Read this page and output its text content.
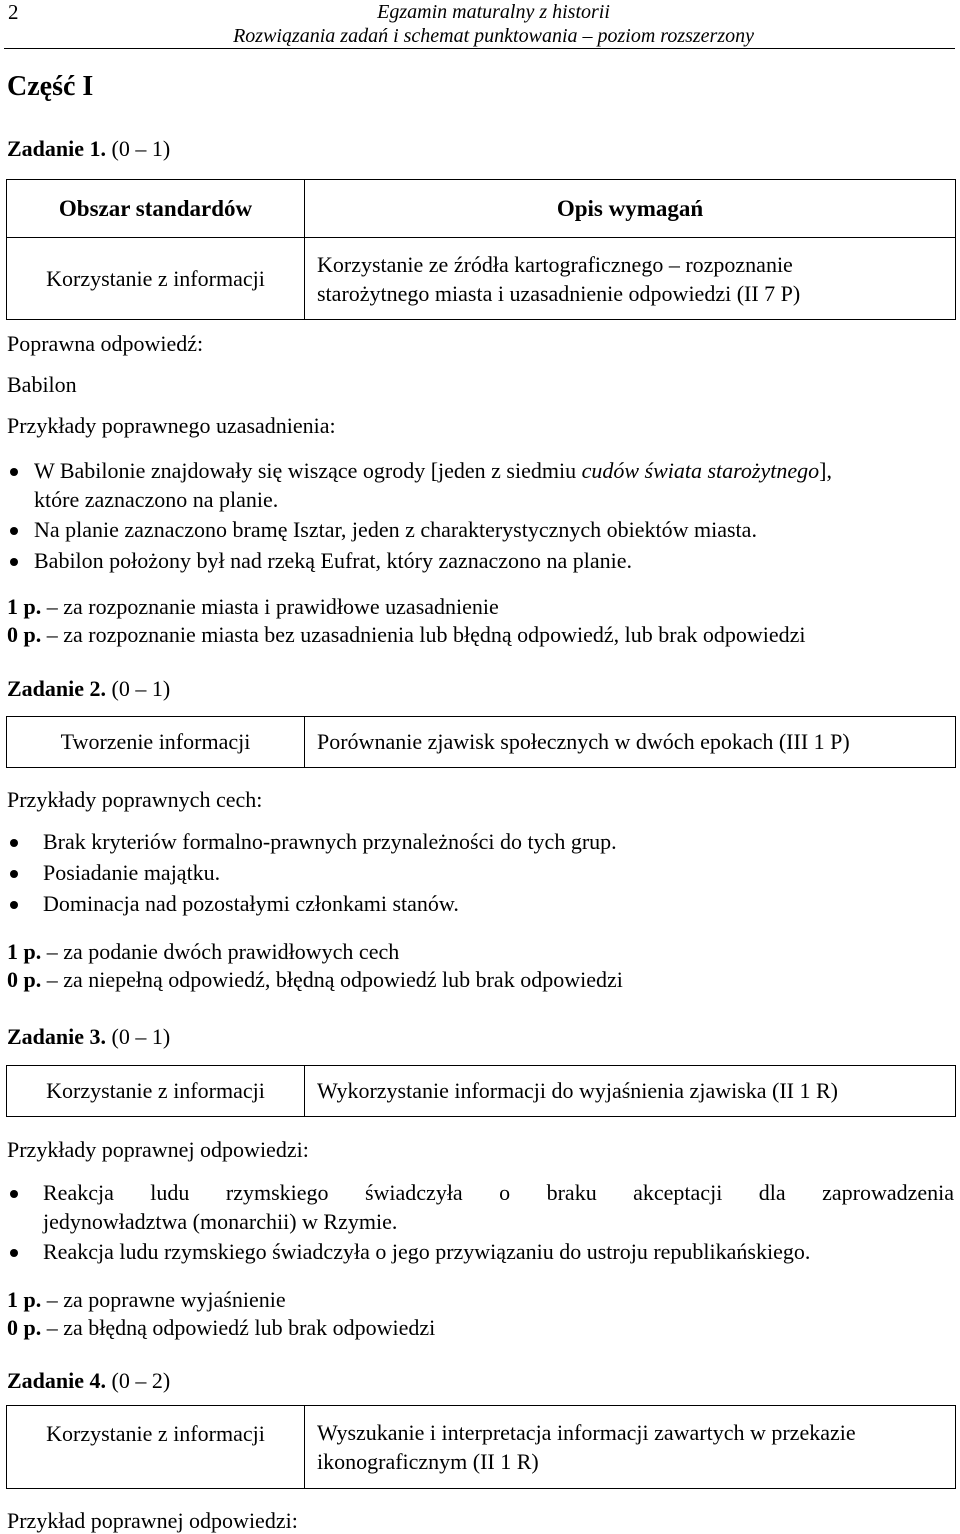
2	Egzamin maturalny z historii
Rozwiązania zadań i schemat punktowania – poziom rozszerzony
Część I
Zadanie 1. (0 – 1)
Obszar standardów	Opis wymagań
Korzystanie z informacji	Korzystanie ze źródła kartograficznego – rozpoznanie
starożytnego miasta i uzasadnienie odpowiedzi (II 7 P)
Poprawna odpowiedź:
Babilon
Przykłady poprawnego uzasadnienia:
W Babilonie znajdowały się wiszące ogrody [jeden z siedmiu cudów świata starożytnego],
które zaznaczono na planie.
Na planie zaznaczono bramę Isztar, jeden z charakterystycznych obiektów miasta.
Babilon położony był nad rzeką Eufrat, który zaznaczono na planie.
1 p. – za rozpoznanie miasta i prawidłowe uzasadnienie
0 p. – za rozpoznanie miasta bez uzasadnienia lub błędną odpowiedź, lub brak odpowiedzi
Zadanie 2. (0 – 1)
Tworzenie informacji	Porównanie zjawisk społecznych w dwóch epokach (III 1 P)
Przykłady poprawnych cech:
Brak kryteriów formalno-prawnych przynależności do tych grup.
Posiadanie majątku.
Dominacja nad pozostałymi członkami stanów.
1 p. – za podanie dwóch prawidłowych cech
0 p. – za niepełną odpowiedź, błędną odpowiedź lub brak odpowiedzi
Zadanie 3. (0 – 1)
Korzystanie z informacji	Wykorzystanie informacji do wyjaśnienia zjawiska (II 1 R)
Przykłady poprawnej odpowiedzi:
Reakcja ludu rzymskiego świadczyła o braku akceptacji dla zaprowadzenia
jedynowładztwa (monarchii) w Rzymie.
Reakcja ludu rzymskiego świadczyła o jego przywiązaniu do ustroju republikańskiego.
1 p. – za poprawne wyjaśnienie
0 p. – za błędną odpowiedź lub brak odpowiedzi
Zadanie 4. (0 – 2)
Korzystanie z informacji	Wyszukanie i interpretacja informacji zawartych w przekazie
ikonograficznym (II 1 R)
Przykład poprawnej odpowiedzi:
